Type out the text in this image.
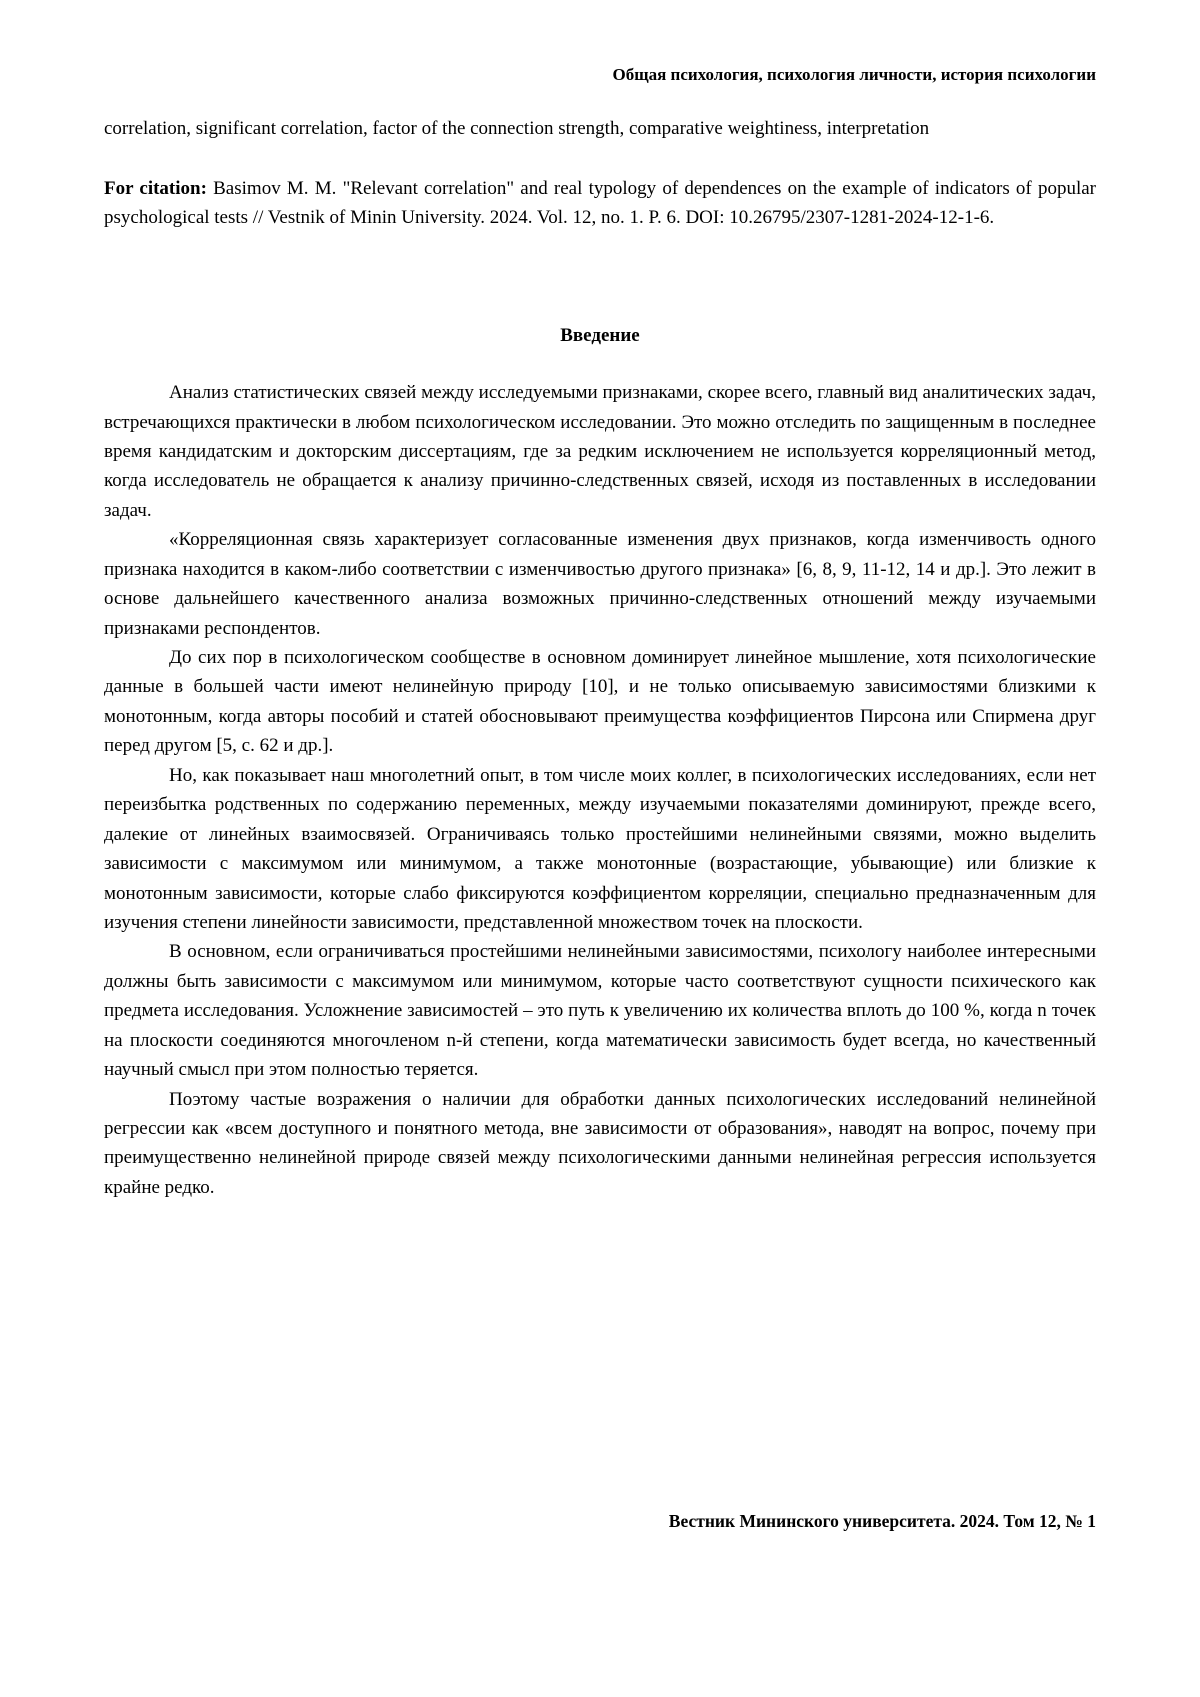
Общая психология, психология личности, история психологии

correlation, significant correlation, factor of the connection strength, comparative weightiness, interpretation

For citation: Basimov M. M. "Relevant correlation" and real typology of dependences on the example of indicators of popular psychological tests // Vestnik of Minin University. 2024. Vol. 12, no. 1. P. 6. DOI: 10.26795/2307-1281-2024-12-1-6.

Введение

Анализ статистических связей между исследуемыми признаками, скорее всего, главный вид аналитических задач, встречающихся практически в любом психологическом исследовании. Это можно отследить по защищенным в последнее время кандидатским и докторским диссертациям, где за редким исключением не используется корреляционный метод, когда исследователь не обращается к анализу причинно-следственных связей, исходя из поставленных в исследовании задач.

«Корреляционная связь характеризует согласованные изменения двух признаков, когда изменчивость одного признака находится в каком-либо соответствии с изменчивостью другого признака» [6, 8, 9, 11-12, 14 и др.]. Это лежит в основе дальнейшего качественного анализа возможных причинно-следственных отношений между изучаемыми признаками респондентов.

До сих пор в психологическом сообществе в основном доминирует линейное мышление, хотя психологические данные в большей части имеют нелинейную природу [10], и не только описываемую зависимостями близкими к монотонным, когда авторы пособий и статей обосновывают преимущества коэффициентов Пирсона или Спирмена друг перед другом [5, с. 62 и др.].

Но, как показывает наш многолетний опыт, в том числе моих коллег, в психологических исследованиях, если нет переизбытка родственных по содержанию переменных, между изучаемыми показателями доминируют, прежде всего, далекие от линейных взаимосвязей. Ограничиваясь только простейшими нелинейными связями, можно выделить зависимости с максимумом или минимумом, а также монотонные (возрастающие, убывающие) или близкие к монотонным зависимости, которые слабо фиксируются коэффициентом корреляции, специально предназначенным для изучения степени линейности зависимости, представленной множеством точек на плоскости.

В основном, если ограничиваться простейшими нелинейными зависимостями, психологу наиболее интересными должны быть зависимости с максимумом или минимумом, которые часто соответствуют сущности психического как предмета исследования. Усложнение зависимостей – это путь к увеличению их количества вплоть до 100 %, когда n точек на плоскости соединяются многочленом n-й степени, когда математически зависимость будет всегда, но качественный научный смысл при этом полностью теряется.

Поэтому частые возражения о наличии для обработки данных психологических исследований нелинейной регрессии как «всем доступного и понятного метода, вне зависимости от образования», наводят на вопрос, почему при преимущественно нелинейной природе связей между психологическими данными нелинейная регрессия используется крайне редко.

Вестник Мининского университета. 2024. Том 12, № 1
